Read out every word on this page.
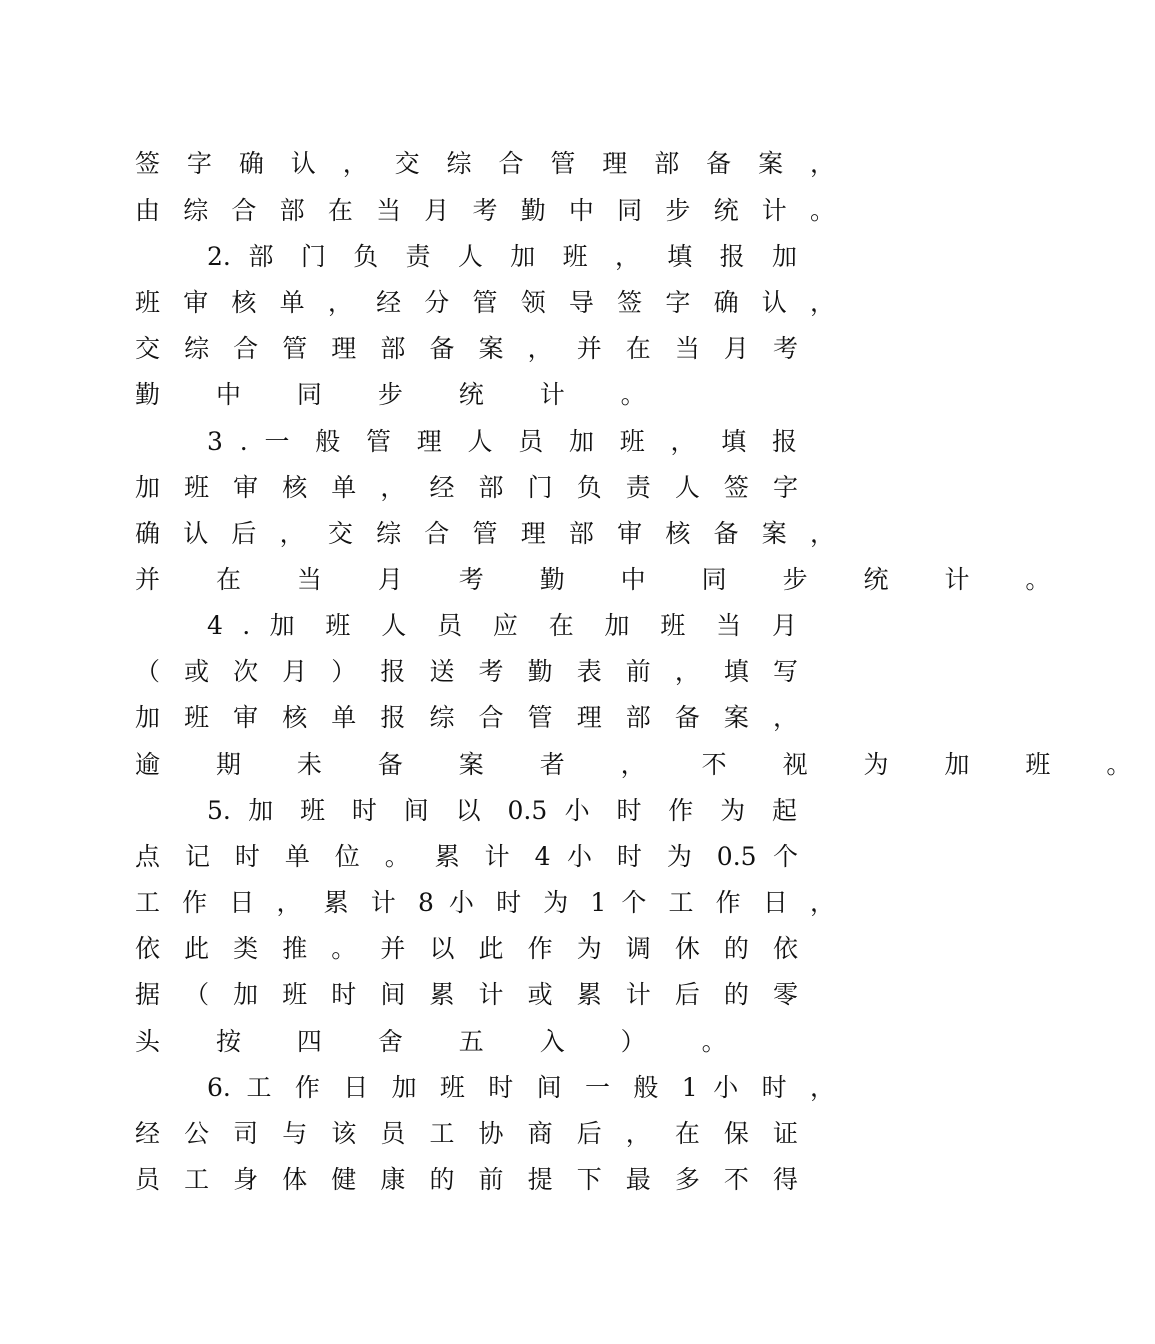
签 字 确 认 ， 交 综 合 管 理 部 备 案 ，
由 综 合 部 在 当 月 考 勤 中 同 步 统 计 。
2. 部 门 负 责 人 加 班 ， 填 报 加
班 审 核 单 ， 经 分 管 领 导 签 字 确 认 ，
交 综 合 管 理 部 备 案 ， 并 在 当 月 考
勤 中 同 步 统 计 。
3 . 一 般 管 理 人 员 加 班 ， 填 报
加 班 审 核 单 ， 经 部 门 负 责 人 签 字
确 认 后 ， 交 综 合 管 理 部 审 核 备 案 ，
并 在 当 月 考 勤 中 同 步 统 计 。
4 . 加 班 人 员 应 在 加 班 当 月
（ 或 次 月 ） 报 送 考 勤 表 前 ， 填 写
加 班 审 核 单 报 综 合 管 理 部 备 案 ，
逾 期 未 备 案 者 ， 不 视 为 加 班 。
5. 加 班 时 间 以 0.5 小 时 作 为 起
点 记 时 单 位 。 累 计 4 小 时 为 0.5 个
工 作 日 ， 累 计 8 小 时 为 1 个 工 作 日 ，
依 此 类 推 。 并 以 此 作 为 调 休 的 依
据 （ 加 班 时 间 累 计 或 累 计 后 的 零
头 按 四 舍 五 入 ） 。
6. 工 作 日 加 班 时 间 一 般 1 小 时 ，
经 公 司 与 该 员 工 协 商 后 ， 在 保 证
员 工 身 体 健 康 的 前 提 下 最 多 不 得
